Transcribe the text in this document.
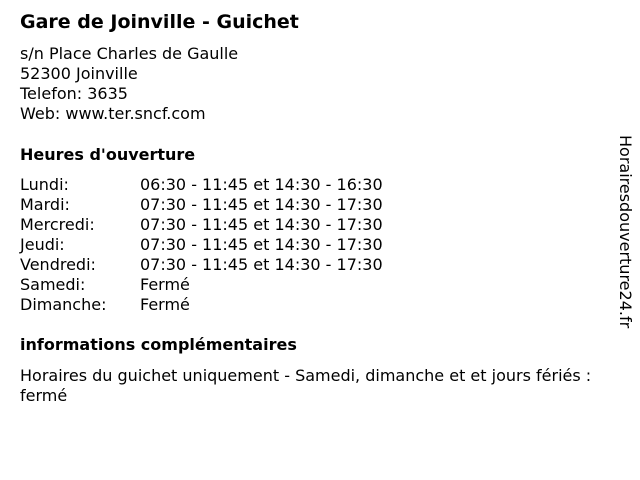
Gare de Joinville - Guichet
s/n Place Charles de Gaulle
52300 Joinville
Telefon: 3635
Web: www.ter.sncf.com
Heures d'ouverture
Lundi:	06:30 - 11:45 et 14:30 - 16:30
Mardi:	07:30 - 11:45 et 14:30 - 17:30
Mercredi:	07:30 - 11:45 et 14:30 - 17:30
Jeudi:	07:30 - 11:45 et 14:30 - 17:30
Vendredi:	07:30 - 11:45 et 14:30 - 17:30
Samedi:	Fermé
Dimanche:	Fermé
informations complémentaires
Horaires du guichet uniquement - Samedi, dimanche et et jours fériés : fermé
Horairesdouverture24.fr
